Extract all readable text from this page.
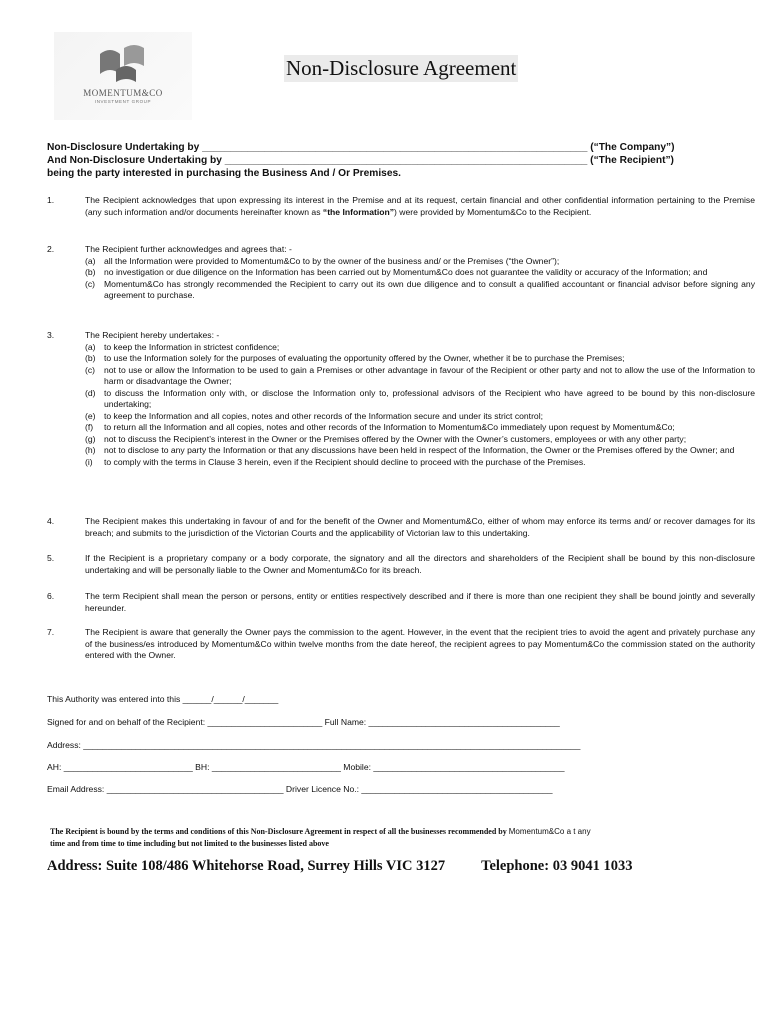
MOMENTUM&CO
INVESTMENT GROUP
Non-Disclosure Agreement
Non-Disclosure Undertaking by ____________________________________________________________________ (“The Company”)
And Non-Disclosure Undertaking by ________________________________________________________________ (“The Recipient”)
being the party interested in purchasing the Business And / Or Premises.
1.	The Recipient acknowledges that upon expressing its interest in the Premise and at its request, certain financial and other confidential information pertaining to the Premise (any such information and/or documents hereinafter known as “the Information”) were provided by Momentum&Co to the Recipient.
2.	The Recipient further acknowledges and agrees that: -
(a) all the Information were provided to Momentum&Co to by the owner of the business and/ or the Premises (“the Owner”);
(b) no investigation or due diligence on the Information has been carried out by Momentum&Co does not guarantee the validity or accuracy of the Information; and
(c)	Momentum&Co has strongly recommended the Recipient to carry out its own due diligence and to consult a qualified accountant or financial advisor before signing any agreement to purchase.
3.	The Recipient hereby undertakes: -
(a) to keep the Information in strictest confidence;
(b) to use the Information solely for the purposes of evaluating the opportunity offered by the Owner, whether it be to purchase the Premises;
(c)	not to use or allow the Information to be used to gain a Premises or other advantage in favour of the Recipient or other party and not to allow the use of the Information to harm or disadvantage the Owner;
(d) to discuss the Information only with, or disclose the Information only to, professional advisors of the Recipient who have agreed to be bound by this non-disclosure undertaking;
(e) to keep the Information and all copies, notes and other records of the Information secure and under its strict control;
(f)	to return all the Information and all copies, notes and other records of the Information to Momentum&Co immediately upon request by Momentum&Co;
(g) not to discuss the Recipient’s interest in the Owner or the Premises offered by the Owner with the Owner’s customers, employees or with any other party;
(h) not to disclose to any party the Information or that any discussions have been held in respect of the Information, the Owner or the Premises offered by the Owner; and
(i)	to comply with the terms in Clause 3 herein, even if the Recipient should decline to proceed with the purchase of the Premises.
4.	The Recipient makes this undertaking in favour of and for the benefit of the Owner and Momentum&Co, either of whom may enforce its terms and/ or recover damages for its breach; and submits to the jurisdiction of the Victorian Courts and the applicability of Victorian law to this undertaking.
5.	If the Recipient is a proprietary company or a body corporate, the signatory and all the directors and shareholders of the Recipient shall be bound by this non-disclosure undertaking and will be personally liable to the Owner and Momentum&Co for its breach.
6.	The term Recipient shall mean the person or persons, entity or entities respectively described and if there is more than one recipient they shall be bound jointly and severally hereunder.
7.	The Recipient is aware that generally the Owner pays the commission to the agent. However, in the event that the recipient tries to avoid the agent and privately purchase any of the business/es introduced by Momentum&Co within twelve months from the date hereof, the recipient agrees to pay Momentum&Co the commission stated on the authority entered with the Owner.
This Authority was entered into this ______/______/_______
Signed for and on behalf of the Recipient: ________________________ Full Name: ________________________________________
Address: ________________________________________________________________________________________________________
AH: ___________________________ BH: ___________________________ Mobile: ________________________________________
Email Address: _____________________________________ Driver Licence No.: ________________________________________
The Recipient is bound by the terms and conditions of this Non-Disclosure Agreement in respect of all the businesses recommended by Momentum&Co a t any
time and from time to time including but not limited to the businesses listed above
Address: Suite 108/486 Whitehorse Road, Surrey Hills VIC 3127 Telephone: 03 9041 1033
